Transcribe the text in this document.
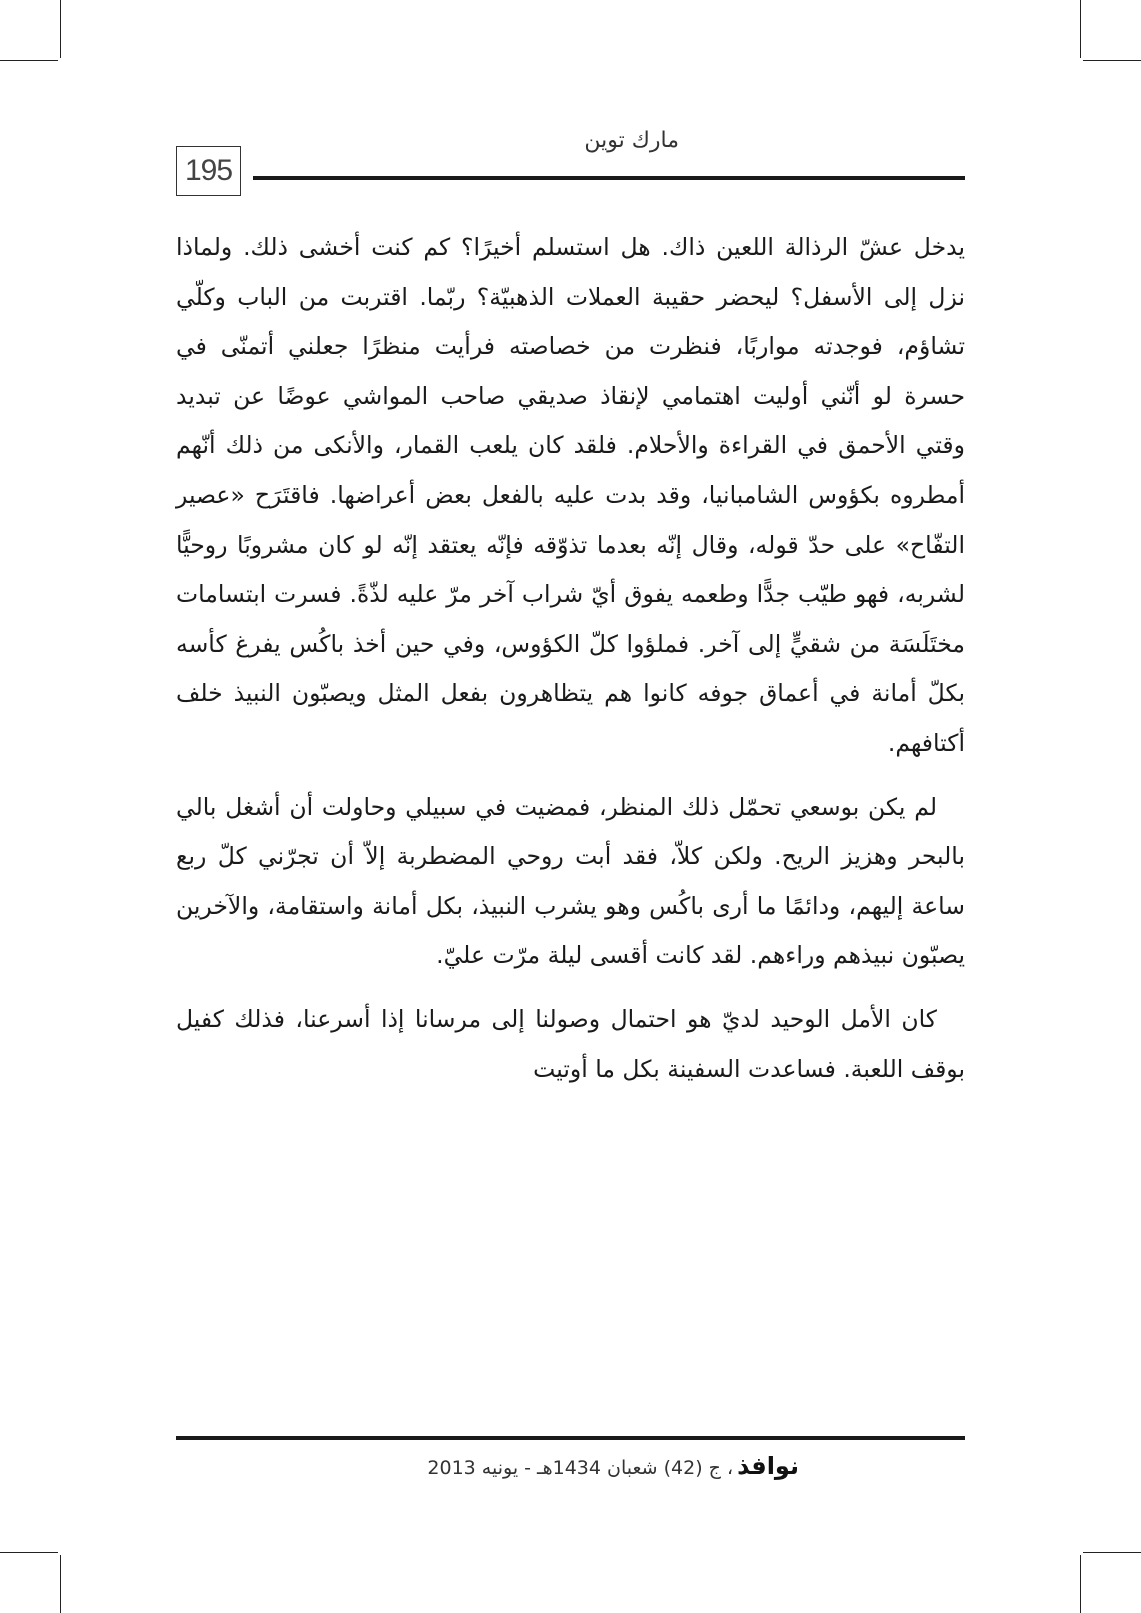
195
مارك توين

يدخل عشّ الرذالة اللعين ذاك. هل استسلم أخيرًا؟ كم كنت أخشى ذلك. ولماذا نزل إلى الأسفل؟ ليحضر حقيبة العملات الذهبيّة؟ ربّما. اقتربت من الباب وكلّي تشاؤم، فوجدته مواربًا، فنظرت من خصاصته فرأيت منظرًا جعلني أتمنّى في حسرة لو أنّني أوليت اهتمامي لإنقاذ صديقي صاحب المواشي عوضًا عن تبديد وقتي الأحمق في القراءة والأحلام. فلقد كان يلعب القمار، والأنكى من ذلك أنّهم أمطروه بكؤوس الشامبانيا، وقد بدت عليه بالفعل بعض أعراضها. فاقتَرَح «عصير التفّاح» على حدّ قوله، وقال إنّه بعدما تذوّقه فإنّه يعتقد إنّه لو كان مشروبًا روحيًّا لشربه، فهو طيّب جدًّا وطعمه يفوق أيّ شراب آخر مرّ عليه لذّةً. فسرت ابتسامات مختَلَسَة من شقيٍّ إلى آخر. فملؤوا كلّ الكؤوس، وفي حين أخذ باكُس يفرغ كأسه بكلّ أمانة في أعماق جوفه كانوا هم يتظاهرون بفعل المثل ويصبّون النبيذ خلف أكتافهم.

لم يكن بوسعي تحمّل ذلك المنظر، فمضيت في سبيلي وحاولت أن أشغل بالي بالبحر وهزيز الريح. ولكن كلاّ، فقد أبت روحي المضطربة إلاّ أن تجرّني كلّ ربع ساعة إليهم، ودائمًا ما أرى باكُس وهو يشرب النبيذ، بكل أمانة واستقامة، والآخرين يصبّون نبيذهم وراءهم. لقد كانت أقسى ليلة مرّت عليّ.

كان الأمل الوحيد لديّ هو احتمال وصولنا إلى مرسانا إذا أسرعنا، فذلك كفيل بوقف اللعبة. فساعدت السفينة بكل ما أوتيت

نوافذ، ج (42) شعبان 1434هـ - يونيه 2013
